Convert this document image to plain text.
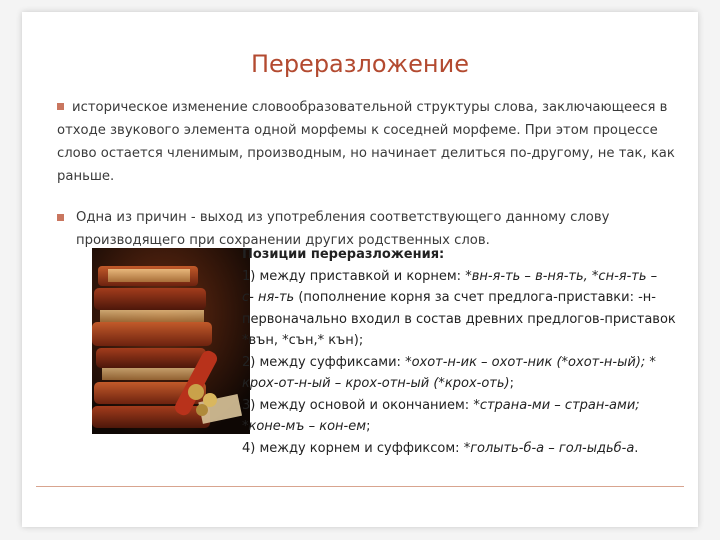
Переразложение
историческое изменение словообразовательной структуры слова, заключающееся в отходе звукового элемента одной морфемы к соседней морфеме. При этом процессе слово остается членимым, производным, но начинает делиться по-другому, не так, как раньше.
Одна из причин - выход из употребления соответствующего данному слову производящего при сохранении других родственных слов.
Позиции переразложения:
1) между приставкой и корнем: *вн-я-ть – в-ня-ть, *сн-я-ть –
с- ня-ть (пополнение корня за счет предлога-приставки: -н-
первоначально входил в состав древних предлогов-приставок
*вън, *сън,* кън);
2) между суффиксами: *охот-н-ик – охот-ник (*охот-н-ый); *
крох-от-н-ый – крох-отн-ый (*крох-оть);
3) между основой и окончанием: *страна-ми – стран-ами;
*коне-мъ – кон-ем;
4) между корнем и суффиксом: *голыть-б-а – гол-ыдьб-а.
